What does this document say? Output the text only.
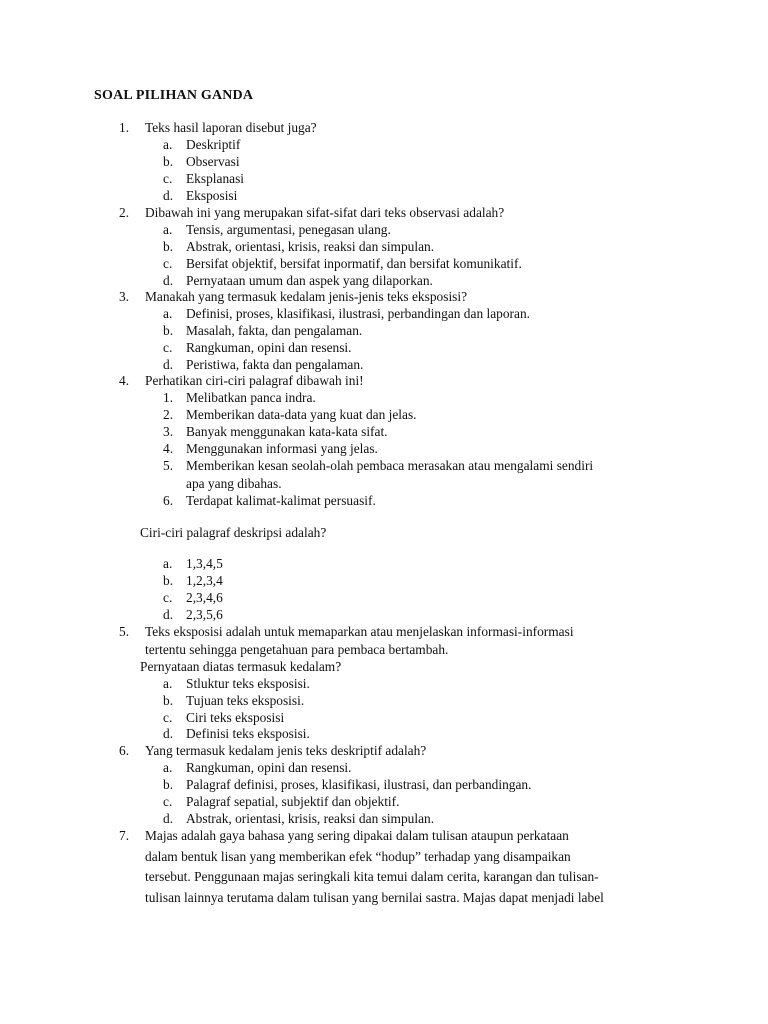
SOAL PILIHAN GANDA
1. Teks hasil laporan disebut juga?
a. Deskriptif
b. Observasi
c. Eksplanasi
d. Eksposisi
2. Dibawah ini yang merupakan sifat-sifat dari teks observasi adalah?
a. Tensis, argumentasi, penegasan ulang.
b. Abstrak, orientasi, krisis, reaksi dan simpulan.
c. Bersifat objektif, bersifat inpormatif, dan bersifat komunikatif.
d. Pernyataan umum dan aspek yang dilaporkan.
3. Manakah yang termasuk kedalam jenis-jenis teks eksposisi?
a. Definisi, proses, klasifikasi, ilustrasi, perbandingan dan laporan.
b. Masalah, fakta, dan pengalaman.
c. Rangkuman, opini dan resensi.
d. Peristiwa, fakta dan pengalaman.
4. Perhatikan ciri-ciri palagraf dibawah ini!
1. Melibatkan panca indra.
2. Memberikan data-data yang kuat dan jelas.
3. Banyak menggunakan kata-kata sifat.
4. Menggunakan informasi yang jelas.
5. Memberikan kesan seolah-olah pembaca merasakan atau mengalami sendiri
apa yang dibahas.
6. Terdapat kalimat-kalimat persuasif.
Ciri-ciri palagraf deskripsi adalah?
a. 1,3,4,5
b. 1,2,3,4
c. 2,3,4,6
d. 2,3,5,6
5. Teks eksposisi adalah untuk memaparkan atau menjelaskan informasi-informasi
tertentu sehingga pengetahuan para pembaca bertambah.
Pernyataan diatas termasuk kedalam?
a. Stluktur teks eksposisi.
b. Tujuan teks eksposisi.
c. Ciri teks eksposisi
d. Definisi teks eksposisi.
6. Yang termasuk kedalam jenis teks deskriptif adalah?
a. Rangkuman, opini dan resensi.
b. Palagraf definisi, proses, klasifikasi, ilustrasi, dan perbandingan.
c. Palagraf sepatial, subjektif dan objektif.
d. Abstrak, orientasi, krisis, reaksi dan simpulan.
7. Majas adalah gaya bahasa yang sering dipakai dalam tulisan ataupun perkataan
dalam bentuk lisan yang memberikan efek “hodup” terhadap yang disampaikan
tersebut. Penggunaan majas seringkali kita temui dalam cerita, karangan dan tulisan-
tulisan lainnya terutama dalam tulisan yang bernilai sastra. Majas dapat menjadi label
